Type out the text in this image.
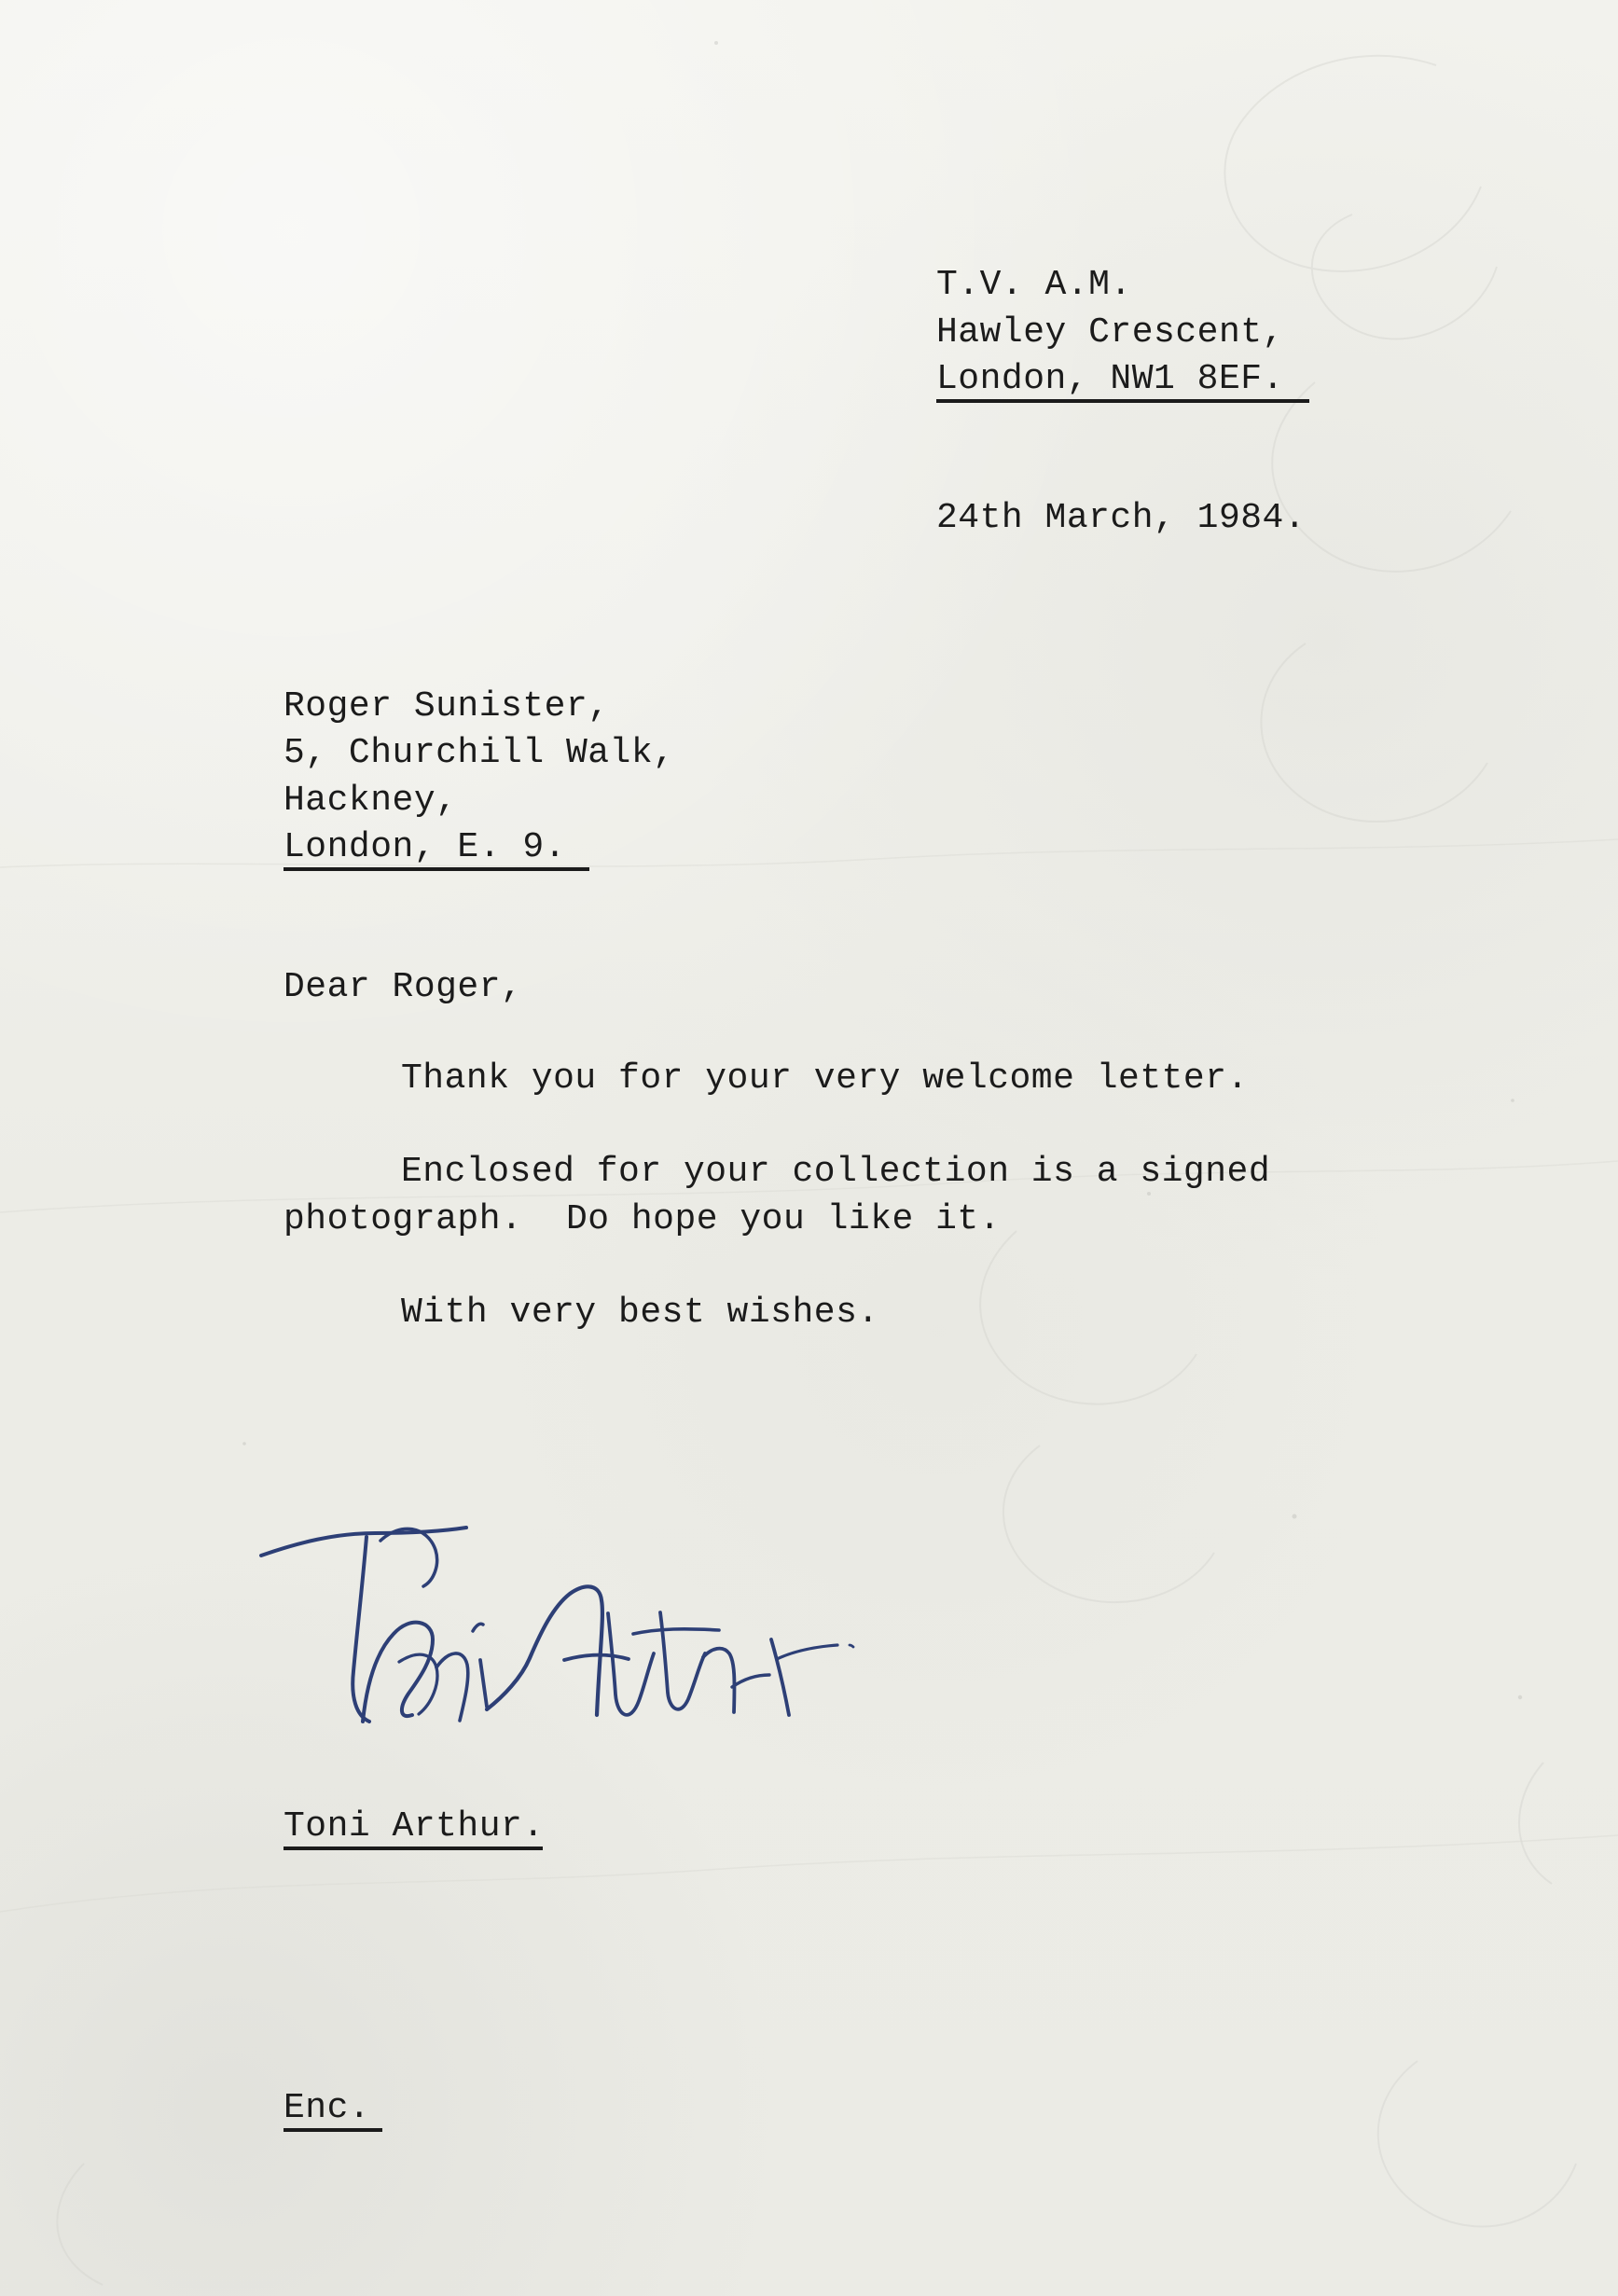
T.V. A.M.
Hawley Crescent,
London, NW1 8EF.
24th March, 1984.
Roger Sunister,
5, Churchill Walk,
Hackney,
London, E. 9.
Dear Roger,
Thank you for your very welcome letter.
Enclosed for your collection is a signed
photograph.  Do hope you like it.
With very best wishes.
Toni Arthur.
Enc.
